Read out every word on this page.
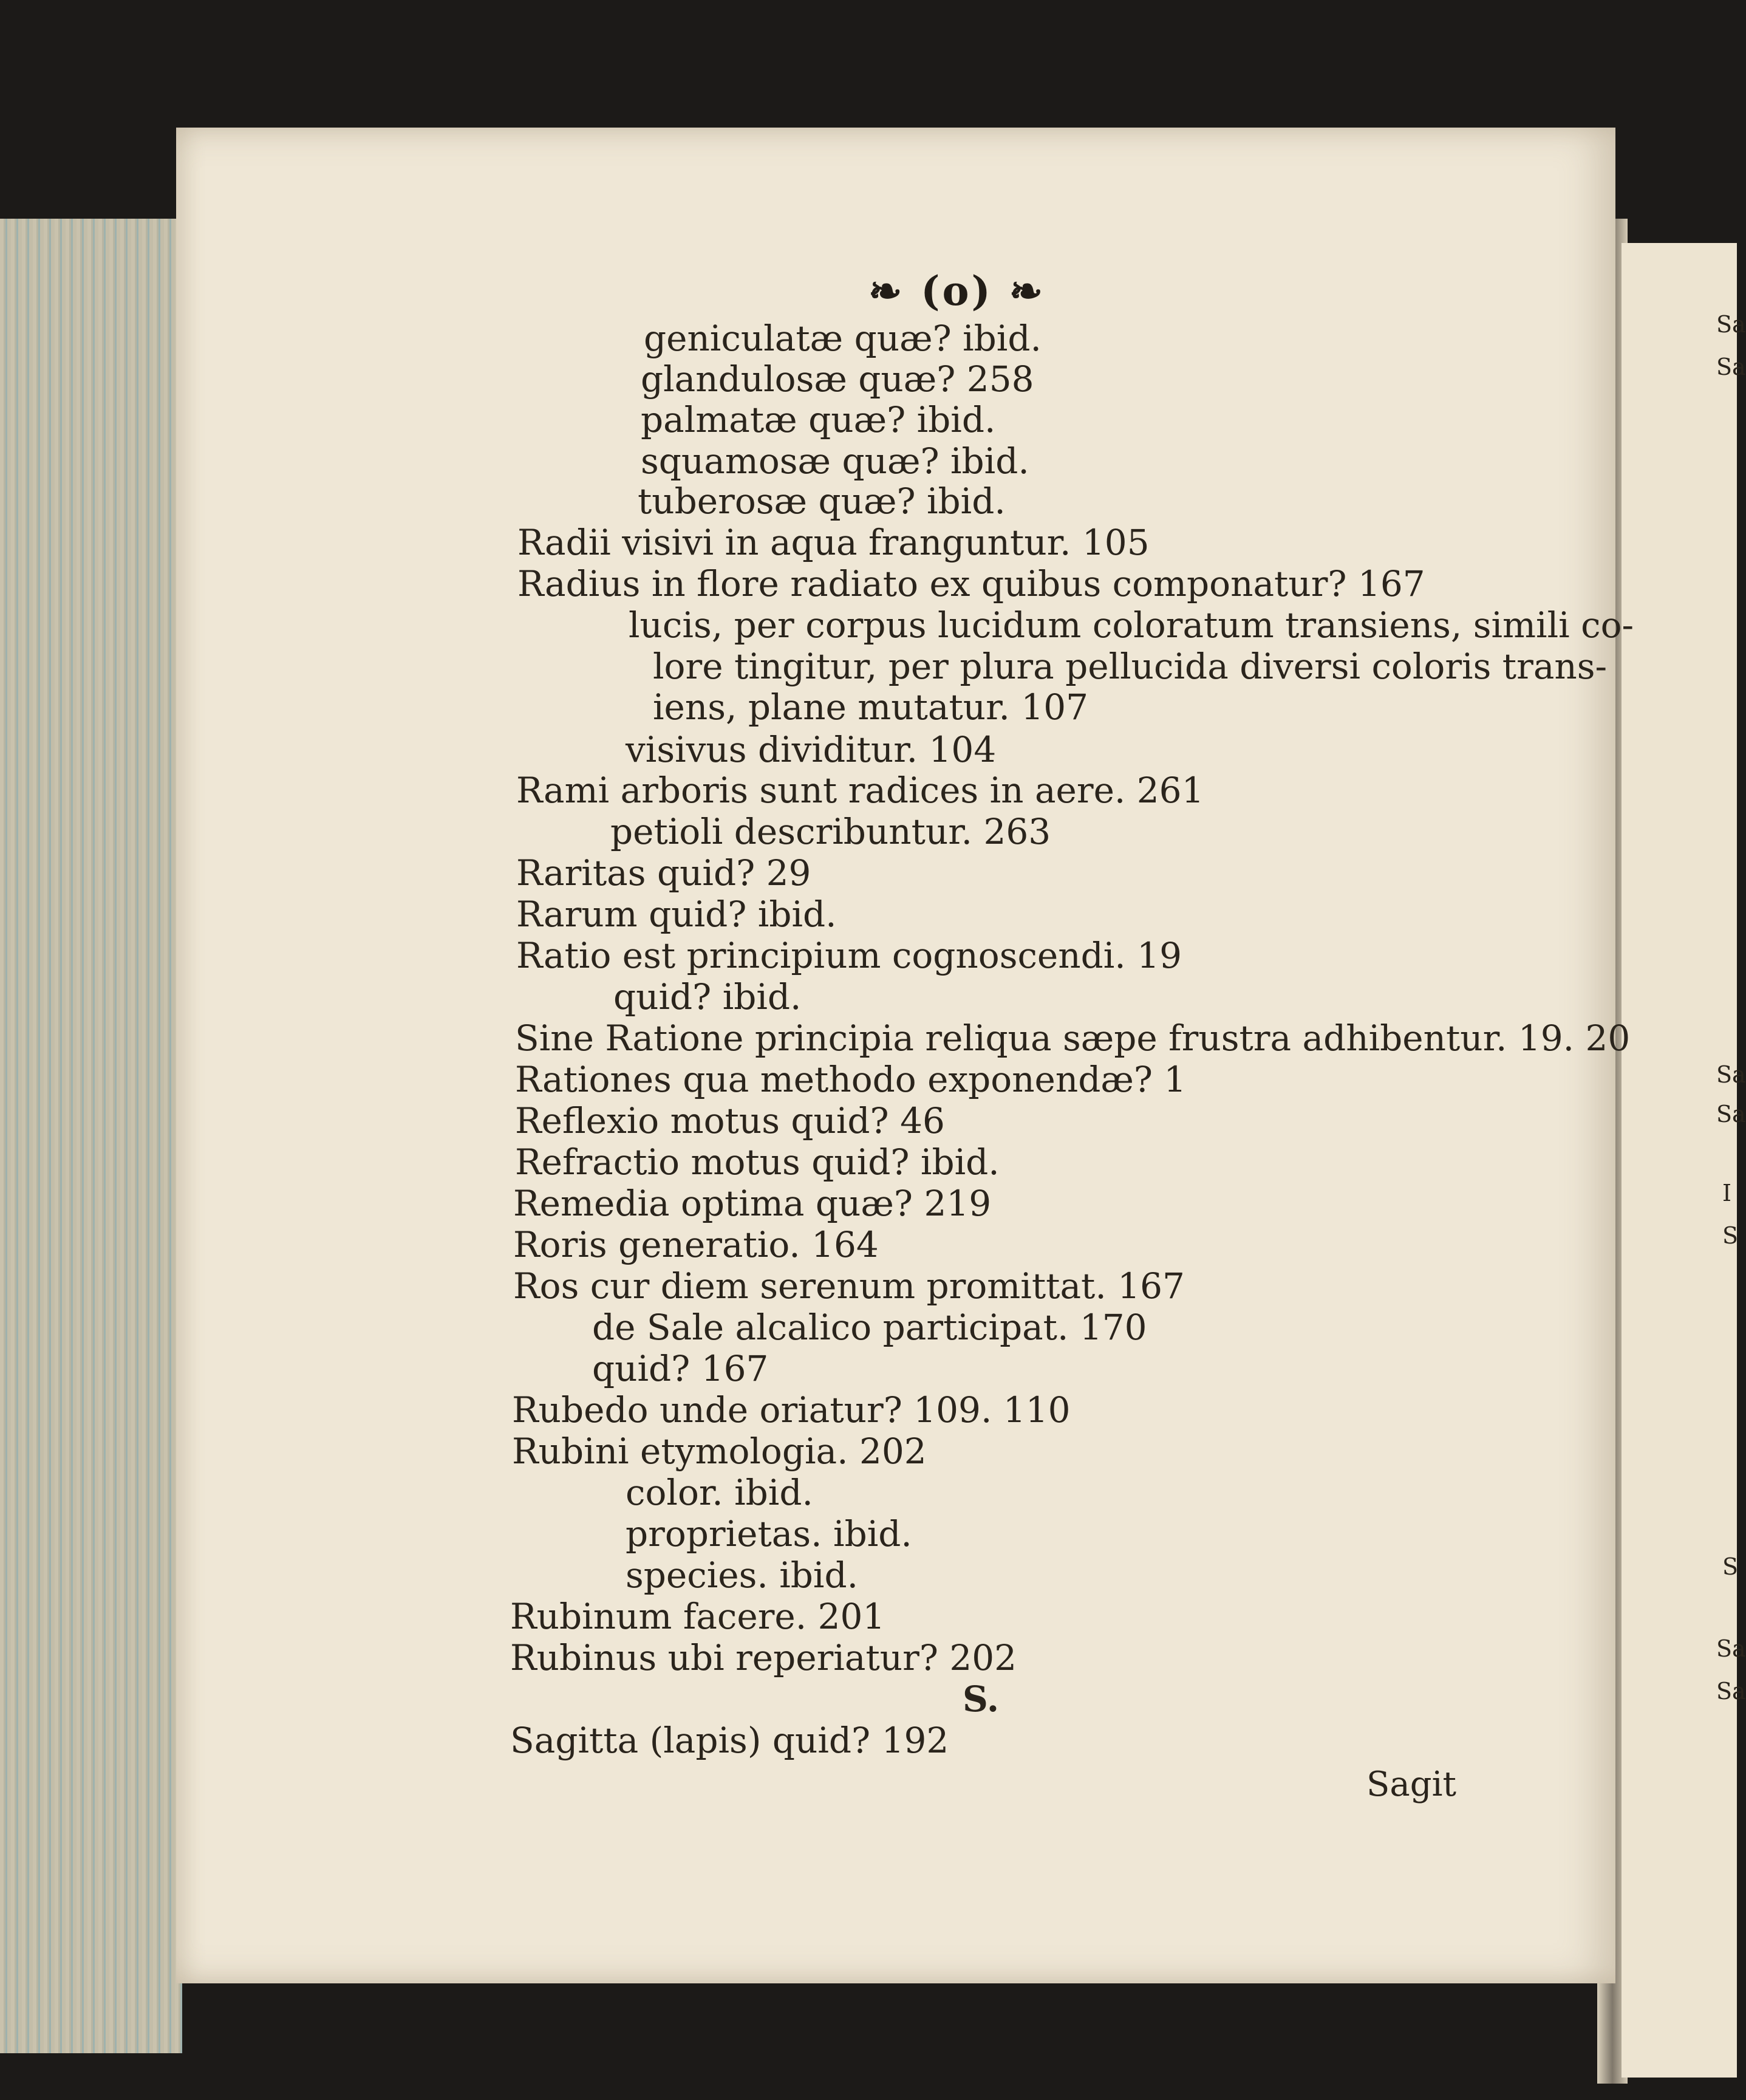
❧ (o) ❧
geniculatæ quæ? ibid.
glandulosæ quæ? 258
palmatæ quæ? ibid.
squamosæ quæ? ibid.
tuberosæ quæ? ibid.
Radii visivi in aqua franguntur. 105
Radius in flore radiato ex quibus componatur? 167
lucis, per corpus lucidum coloratum transiens, simili co-
lore tingitur, per plura pellucida diversi coloris trans-
iens, plane mutatur. 107
visivus dividitur. 104
Rami arboris sunt radices in aere. 261
petioli describuntur. 263
Raritas quid? 29
Rarum quid? ibid.
Ratio est principium cognoscendi. 19
quid? ibid.
Sine Ratione principia reliqua sæpe frustra adhibentur. 19. 20
Rationes qua methodo exponendæ? 1
Reflexio motus quid? 46
Refractio motus quid? ibid.
Remedia optima quæ? 219
Roris generatio. 164
Ros cur diem serenum promittat. 167
de Sale alcalico participat. 170
quid? 167
Rubedo unde oriatur? 109. 110
Rubini etymologia. 202
color. ibid.
proprietas. ibid.
species. ibid.
Rubinum facere. 201
Rubinus ubi reperiatur? 202
S.
Sagitta (lapis) quid? 192
Sagit
Sa
Sa
Sa
Sa
I
S
S
Sa
Sa
